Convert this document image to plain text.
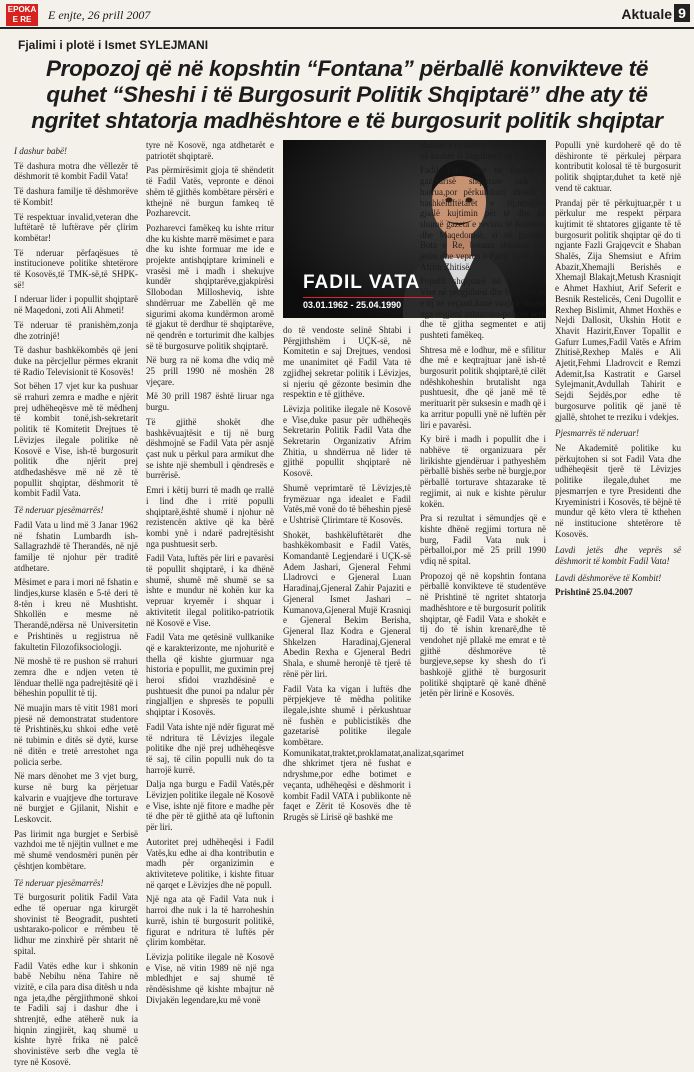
EPOKA
E RE	E enjte, 26 prill 2007	Aktuale 9
Fjalimi i plotë i Ismet SYLEJMANI
Propozoj që në kopshtin “Fontana” përballë konvikteve të quhet “Sheshi i të Burgosurit Politik Shqiptarë” dhe aty të ngritet shtatorja madhështore e të burgosurit politik shqiptar

I dashur babë!

Të dashura motra dhe vëllezër të dëshmorit të kombit Fadil Vata!

Të dashura familje të dëshmorëve të Kombit!

Të respektuar invalid,veteran dhe luftëtarë të luftërave për çlirim kombëtar!

Të nderuar përfaqësues të institucioneve politike shtetërore të Kosovës,të TMK-së,të SHPK-së!

I nderuar lider i popullit shqiptarë në Maqedoni, zoti Ali Ahmeti!

Të nderuar të pranishëm,zonja dhe zotrinjë!

Të dashur bashkëkombës që jeni duke na përcjellur përmes ekranit të Radio Televisionit të Kosovës!

Sot bëhen 17 vjet kur ka pushuar së rrahuri zemra e madhe e njërit prej udhëheqësve më të mëdhenj të kombit tonë,ish-sekretarit politik të Komitetit Drejtues të Lëvizjes ilegale politike në Kosovë e Vise, ish-të burgosurit politik dhe njërit prej atdhedashësve më në zë të popullit shqiptar, dëshmorit të kombit Fadil Vata.

Të nderuar pjesëmarrës!

Fadil Vata u lind më 3 Janar 1962 në fshatin Lumbardh ish-Sallagrazhdë të Therandës, në një familje të njohur për traditë atdhetare.

Mësimet e para i mori në fshatin e lindjes,kurse klasën e 5-të deri të 8-tën i kreu në Mushtisht. Shkollën e mesme në Therandë,ndërsa në Universitetin e Prishtinës u regjistrua në fakultetin Filozofiksociologji.

Në moshë të re pushon së rrahuri zemra dhe e ndjen veten të lënduar thellë nga padrejtësitë që i bëheshin popullit të tij.

Në muajin mars të vitit 1981 mori pjesë në demonstratat studentore të Prishtinës,ku shkoi edhe vetë në tubimin e ditës së dytë, kurse në ditën e tretë arrestohet nga policia serbe.

Në mars dënohet me 3 vjet burg, kurse në burg ka përjetuar kalvarin e vuajtjeve dhe torturave në burgjet e Gjilanit, Nishit e Leskovcit.

Pas lirimit nga burgjet e Serbisë vazhdoi me të njëjtin vullnet e me më shumë vendosmëri punën për çështjen kombëtare.

Të nderuar pjesëmarrës!

Të burgosurit politik Fadil Vata edhe të operuar nga kirurgët shovinist të Beogradit, pushteti ushtarako-policor e rrëmbeu të lidhur me zinxhirë për shtarit në spital.

Fadil Vatës edhe kur i shkonin babë Nebihu nëna Tahire në vizitë, e cila para disa ditësh u nda nga jeta,dhe përgjithmonë shkoi te Fadili saj i dashur dhe i shtrenjtë, edhe atëherë nuk ia hiqnin zingjirët, kaq shumë u kishte hyrë frika në palcë shovinistëve serb dhe vegla të tyre në Kosovë.

tyre në Kosovë, nga atdhetarët e patriotët shqiptarë.

Pas përmirësimit gjoja të shëndetit të Fadil Vatës, vepronte e dënoi shëm të gjithës kombëtare përsëri e kthejnë në burgun famkeq të Pozharevcit.

Pozharevci famëkeq ku ishte rritur dhe ku kishte marrë mësimet e para dhe ku ishte formuar me ide e projekte antishqiptare krimineli e vrasësi më i madh i shekujve kundër shqiptarëve,gjakpirësi Sllobodan Millosheviq, ishte shndërruar me Zabellën që me sigurimi akoma kundërmon aromë të gjakut të derdhur të shqiptarëve, në qendrën e torturimit dhe kalbjes së të burgosurve politik shqiptarë.

Në burg ra në koma dhe vdiq më 25 prill 1990 në moshën 28 vjeçare.

Më 30 prill 1987 është liruar nga burgu.

Të gjithë shokët dhe bashkëvuajtësit e tij në burg dëshmojnë se Fadil Vata për asnjë çast nuk u përkul para armikut dhe se ishte një shembull i qëndresës e burrërisë.

Emri i këtij burri të madh qe rrallë i lind dhe i rritë populli shqiptarë,është shumë i njohur në rezistencën aktive që ka bërë kombi ynë i ndarë padrejtësisht nga pushtuesit serb.

Fadil Vata, luftës për liri e pavarësi të popullit shqiptarë, i ka dhënë shumë, shumë më shumë se sa ishte e mundur në kohën kur ka vepruar kryemër i shquar i aktivitetit ilegal politiko-patriotik në Kosovë e Vise.

Fadil Vata me qetësinë vullkanike që e karakterizonte, me njohuritë e thella që kishte gjurmuar nga historia e popullit, me guximin prej heroi sfidoi vrazhdësinë e pushtuesit dhe punoi pa ndalur për ringjalljen e shpresës te populli shqiptar i Kosovës.

Fadil Vata ishte një ndër figurat më të ndritura të Lëvizjes ilegale politike dhe një prej udhëheqësve të saj, të cilin populli nuk do ta harrojë kurrë.

Dalja nga burgu e Fadil Vatës,për Lëvizjen politike ilegale në Kosovë e Vise, ishte një fitore e madhe për të dhe për të gjithë ata që luftonin për liri.

Autoritet prej udhëheqësi i Fadil Vatës,ku edhe ai dha kontributin e madh për organizimin e aktiviteteve politike, i kishte fituar në qarqet e Lëvizjes dhe në popull.

Një nga ata që Fadil Vata nuk i harroi dhe nuk i la të harroheshin kurrë, ishin të burgosurit politikë, figurat e ndritura të luftës për çlirim kombëtar.

Lëvizja politike ilegale në Kosovë e Vise, në vitin 1989 në një nga mbledhjet e saj shumë të rëndësishme që kishte mbajtur në Divjakën legendare,ku më vonë

FADIL VATA
03.01.1962 - 25.04.1990

do të vendoste selinë Shtabi i Përgjithshëm i UÇK-së, në Komitetin e saj Drejtues, vendosi me unanimitet që Fadil Vata të zgjidhej sekretar politik i Lëvizjes, si njeriu që gëzonte besimin dhe respektin e të gjithëve.

Lëvizja politike ilegale në Kosovë e Vise,duke pasur për udhëheqës Sekretarin Politik Fadil Vata dhe Sekretarin Organizativ Afrim Zhitia, u shndërrua në lider të gjithë popullit shqiptarë në Kosovë.

Shumë veprimtarë të Lëvizjes,të frymëzuar nga idealet e Fadil Vatës,më vonë do të bëheshin pjesë e Ushtrisë Çlirimtare të Kosovës.

Shokët, bashkëluftëtarët dhe bashkëkombasit e Fadil Vatës, Komandantë Legjendarë i UÇK-së Adem Jashari, Gjeneral Fehmi Lladrovci e Gjeneral Luan Haradinaj,Gjeneral Zahir Pajaziti e Gjeneral Ismet Jashari –Kumanova,Gjeneral Mujë Krasniqi e Gjeneral Bekim Berisha, Gjeneral Ilaz Kodra e Gjeneral Shkelzen Haradinaj,Gjeneral Abedin Rexha e Gjeneral Bedri Shala, e shumë heronjë të tjerë të rënë për liri.

Fadil Vata ka vigan i luftës dhe përpjekjeve të mëdha politike ilegale,ishte shumë i përkushtuar në fushën e publicistikës dhe gazetarisë politike ilegale kombëtare. Komunikatat,traktet,proklamatat,analizat,sqarimet dhe shkrimet tjera në fushat e ndryshme,por edhe botimet e veçanta, udhëheqësi e dëshmorit i kombit Fadil VATA i publikonte në faqet e Zërit të Kosovës dhe të Rrugës së Lirisë që bashkë me

shokun e tij Afrim Zhitia e botonin në kushte të ilegalitetit në Kosovë.

Fadil Vata edhe në fushën e gazetarisë shqiptare nuk u harrua,por përkundrazi shokët e bashkëluftëtarët e tij,mbajtën gjallë kujtimin për të dhe në shumë gazeta e revista të Kosovës dhe Maqedonisë, si në gazetën Bota e Re, botuan shkrime për jetën dhe veprën e Fadil Vatës dhe Afrim Zhitisë.

Populli shqiptarë në Kosovë e Vise në përgjithësi dhe bijat e bijtë e tij në veçanti,kanë vuajtur shumë nga regjimi ushtarako-policor serb dhe të gjitha segmentet e atij pushteti famëkeq.

Shtresa më e lodhur, më e sfilitur dhe më e keqtrajtuar janë ish-të burgosurit politik shqiptarë,të cilët ndëshkoheshin brutalisht nga pushtuesit, dhe që janë më të merituarit për suksesin e madh që i ka arritur populli ynë në luftën për liri e pavarësi.

Ky birë i madh i popullit dhe i nabhëve të organizuara për lirikishte gjendëruar i pathyeshëm përballë bishës serbe në burgje,por përballë torturave shtazarake të regjimit, ai nuk e kishte përulur kokën.

Pra si rezultat i sëmundjes që e kishte dhënë regjimi tortura në burg, Fadil Vata nuk i përballoi,por më 25 prill 1990 vdiq në spital.

Propozoj që në kopshtin fontana përballë konvikteve të studentëve në Prishtinë të ngritet shtatorja madhështore e të burgosurit politik shqiptar, që Fadil Vata e shokët e tij do të ishin krenarë,dhe të vendohet një pllakë me emrat e të gjithë dëshmorëve të burgjeve,sepse ky shesh do t'i bashkojë gjithë të burgosurit politikë shqiptarë që kanë dhënë jetën për lirinë e Kosovës.

Populli ynë kurdoherë që do të dëshironte të përkulej përpara kontributit kolosal të të burgosurit politik shqiptar,duhet ta ketë një vend të caktuar.

Prandaj për të përkujtuar,për t u përkulur me respekt përpara kujtimit të shtatores gjigante të të burgosurit politik shqiptar që do ti ngjante Fazli Grajqevcit e Shaban Shalës, Zija Shemsiut e Afrim Abazit,Xhemajli Berishës e Xhemajl Blakajt,Metush Krasniqit e Ahmet Haxhiut, Arif Seferit e Besnik Restelicës, Ceni Dugollit e Rexhep Bislimit, Ahmet Hoxhës e Nejdi Dallosit, Ukshin Hotit e Xhavit Hazirit,Enver Topallit e Gafurr Lumes,Fadil Vatës e Afrim Zhitisë,Rexhep Malës e Ali Ajetit,Fehmi Lladrovcit e Remzi Ademit,Isa Kastratit e Garsel Sylejmanit,Avdullah Tahirit e Sejdi Sejdës,por edhe të burgosurve politik që janë të gjallë, shtohet te rreziku i vdekjes.

Pjesmarrës të nderuar!

Ne Akademitë politike ku përkujtohen si sot Fadil Vata dhe udhëheqësit tjerë të Lëvizjes politike ilegale,duhet me pjesmarrjen e tyre Presidenti dhe Kryeministri i Kosovës, të bëjnë të mundur që këto vlera të kthehen në institucione shtetërore të Kosovës.

Lavdi jetës dhe veprës së dëshmorit të kombit Fadil Vata!

Lavdi dëshmorëve të Kombit!

Prishtinë 25.04.2007
